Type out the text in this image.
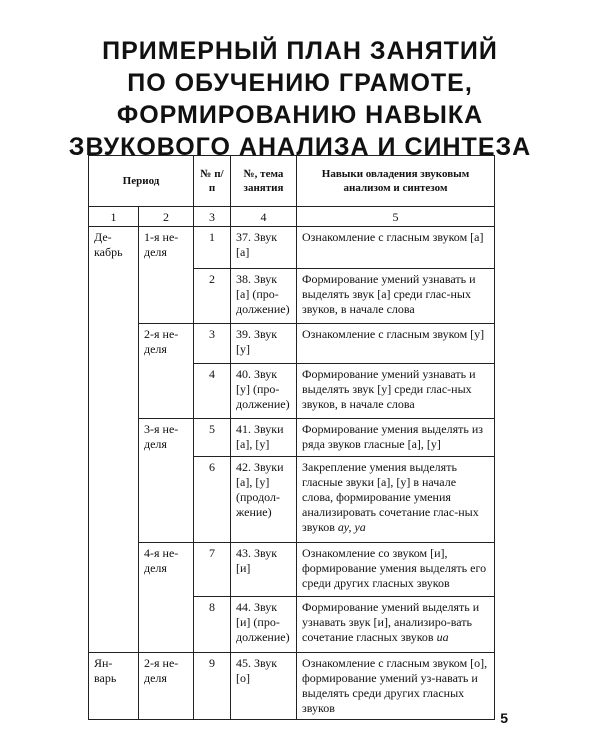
ПРИМЕРНЫЙ ПЛАН ЗАНЯТИЙ
ПО ОБУЧЕНИЮ ГРАМОТЕ,
ФОРМИРОВАНИЮ НАВЫКА
ЗВУКОВОГО АНАЛИЗА И СИНТЕЗА
Период		№ п/п	№, тема занятия	Навыки овладения звуковым анализом и синтезом
1	2	3	4	5
Де-кабрь	1-я не-деля	1	37. Звук [а]	Ознакомление с гласным звуком [а]
		2	38. Звук [а] (про-должение)	Формирование умений узнавать и выделять звук [а] среди глас-ных звуков, в начале слова
	2-я не-деля	3	39. Звук [у]	Ознакомление с гласным звуком [у]
		4	40. Звук [у] (про-должение)	Формирование умений узнавать и выделять звук [у] среди глас-ных звуков, в начале слова
	3-я не-деля	5	41. Звуки [а], [у]	Формирование умения выделять из ряда звуков гласные [а], [у]
		6	42. Звуки [а], [у] (продол-жение)	Закрепление умения выделять гласные звуки [а], [у] в начале слова, формирование умения анализировать сочетание глас-ных звуков ау, уа
	4-я не-деля	7	43. Звук [и]	Ознакомление со звуком [и], формирование умения выделять его среди других гласных звуков
		8	44. Звук [и] (про-должение)	Формирование умений выделять и узнавать звук [и], анализиро-вать сочетание гласных звуков иа
Ян-варь	2-я не-деля	9	45. Звук [о]	Ознакомление с гласным звуком [о], формирование умений уз-навать и выделять среди других гласных звуков
5
